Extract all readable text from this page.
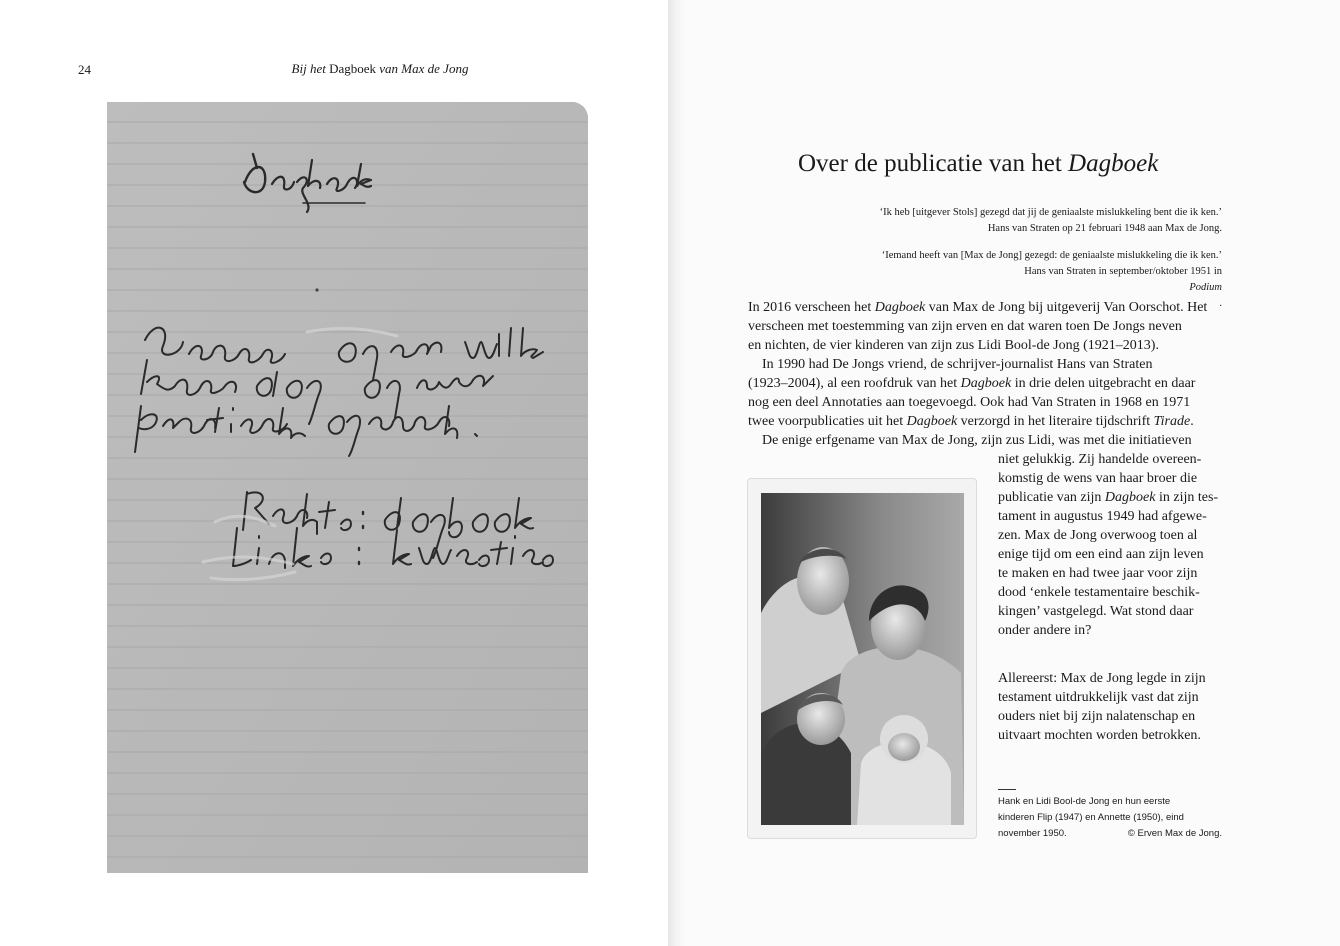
24	Bij het Dagboek van Max de Jong
Over de publicatie van het Dagboek
‘Ik heb [uitgever Stols] gezegd dat jij de geniaalste mislukkeling bent die ik ken.’
Hans van Straten op 21 februari 1948 aan Max de Jong.
‘Iemand heeft van [Max de Jong] gezegd: de geniaalste mislukkeling die ik ken.’
Hans van Straten in september/oktober 1951 in
Podium
.
In 2016 verscheen het Dagboek van Max de Jong bij uitgeverij Van Oorschot. Het
verscheen met toestemming van zijn erven en dat waren toen De Jongs neven
en nichten, de vier kinderen van zijn zus Lidi Bool-de Jong (1921–2013).
 In 1990 had De Jongs vriend, de schrijver-journalist Hans van Straten
(1923–2004), al een roofdruk van het Dagboek in drie delen uitgebracht en daar
nog een deel Annotaties aan toegevoegd. Ook had Van Straten in 1968 en 1971
twee voorpublicaties uit het Dagboek verzorgd in het literaire tijdschrift Tirade.
 De enige erfgename van Max de Jong, zijn zus Lidi, was met die initiatieven
niet gelukkig. Zij handelde overeen-
komstig de wens van haar broer die
publicatie van zijn Dagboek in zijn tes-
tament in augustus 1949 had afgewe-
zen. Max de Jong overwoog toen al
enige tijd om een eind aan zijn leven
te maken en had twee jaar voor zijn
dood ‘enkele testamentaire beschik-
kingen’ vastgelegd. Wat stond daar
onder andere in?
Allereerst: Max de Jong legde in zijn
testament uitdrukkelijk vast dat zijn
ouders niet bij zijn nalatenschap en
uitvaart mochten worden betrokken.
Hank en Lidi Bool-de Jong en hun eerste
kinderen Flip (1947) en Annette (1950), eind
november 1950.	© Erven Max de Jong.
